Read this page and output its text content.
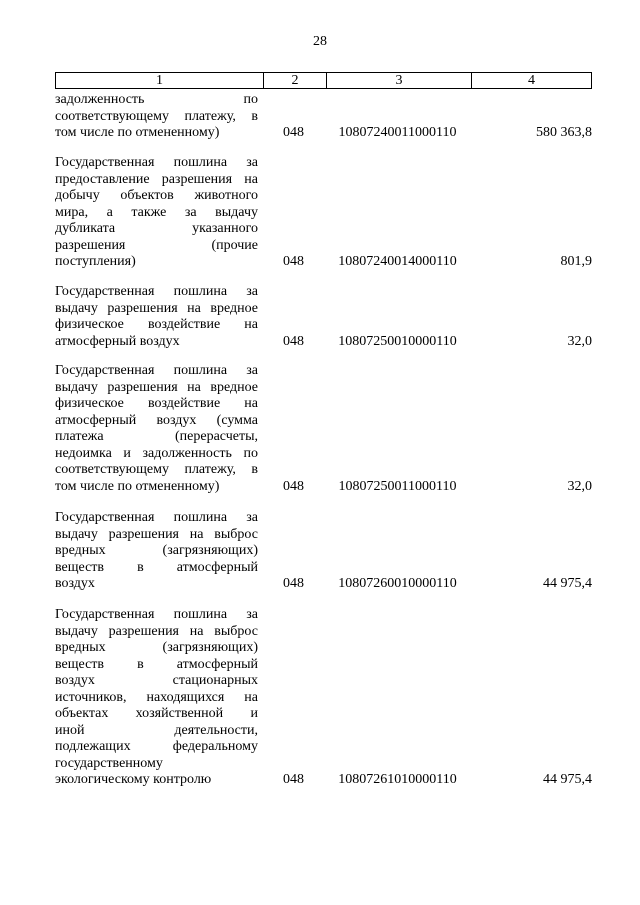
28
1	2	3	4
задолженность по
соответствующему платежу, в
том числе по отмененному)	048	10807240011000110	580 363,8
Государственная пошлина за
предоставление разрешения на
добычу объектов животного
мира, а также за выдачу
дубликата указанного
разрешения (прочие
поступления)	048	10807240014000110	801,9
Государственная пошлина за
выдачу разрешения на вредное
физическое воздействие на
атмосферный воздух	048	10807250010000110	32,0
Государственная пошлина за
выдачу разрешения на вредное
физическое воздействие на
атмосферный воздух (сумма
платежа (перерасчеты,
недоимка и задолженность по
соответствующему платежу, в
том числе по отмененному)	048	10807250011000110	32,0
Государственная пошлина за
выдачу разрешения на выброс
вредных (загрязняющих)
веществ в атмосферный
воздух	048	10807260010000110	44 975,4
Государственная пошлина за
выдачу разрешения на выброс
вредных (загрязняющих)
веществ в атмосферный
воздух стационарных
источников, находящихся на
объектах хозяйственной и
иной деятельности,
подлежащих федеральному
государственному
экологическому контролю	048	10807261010000110	44 975,4
